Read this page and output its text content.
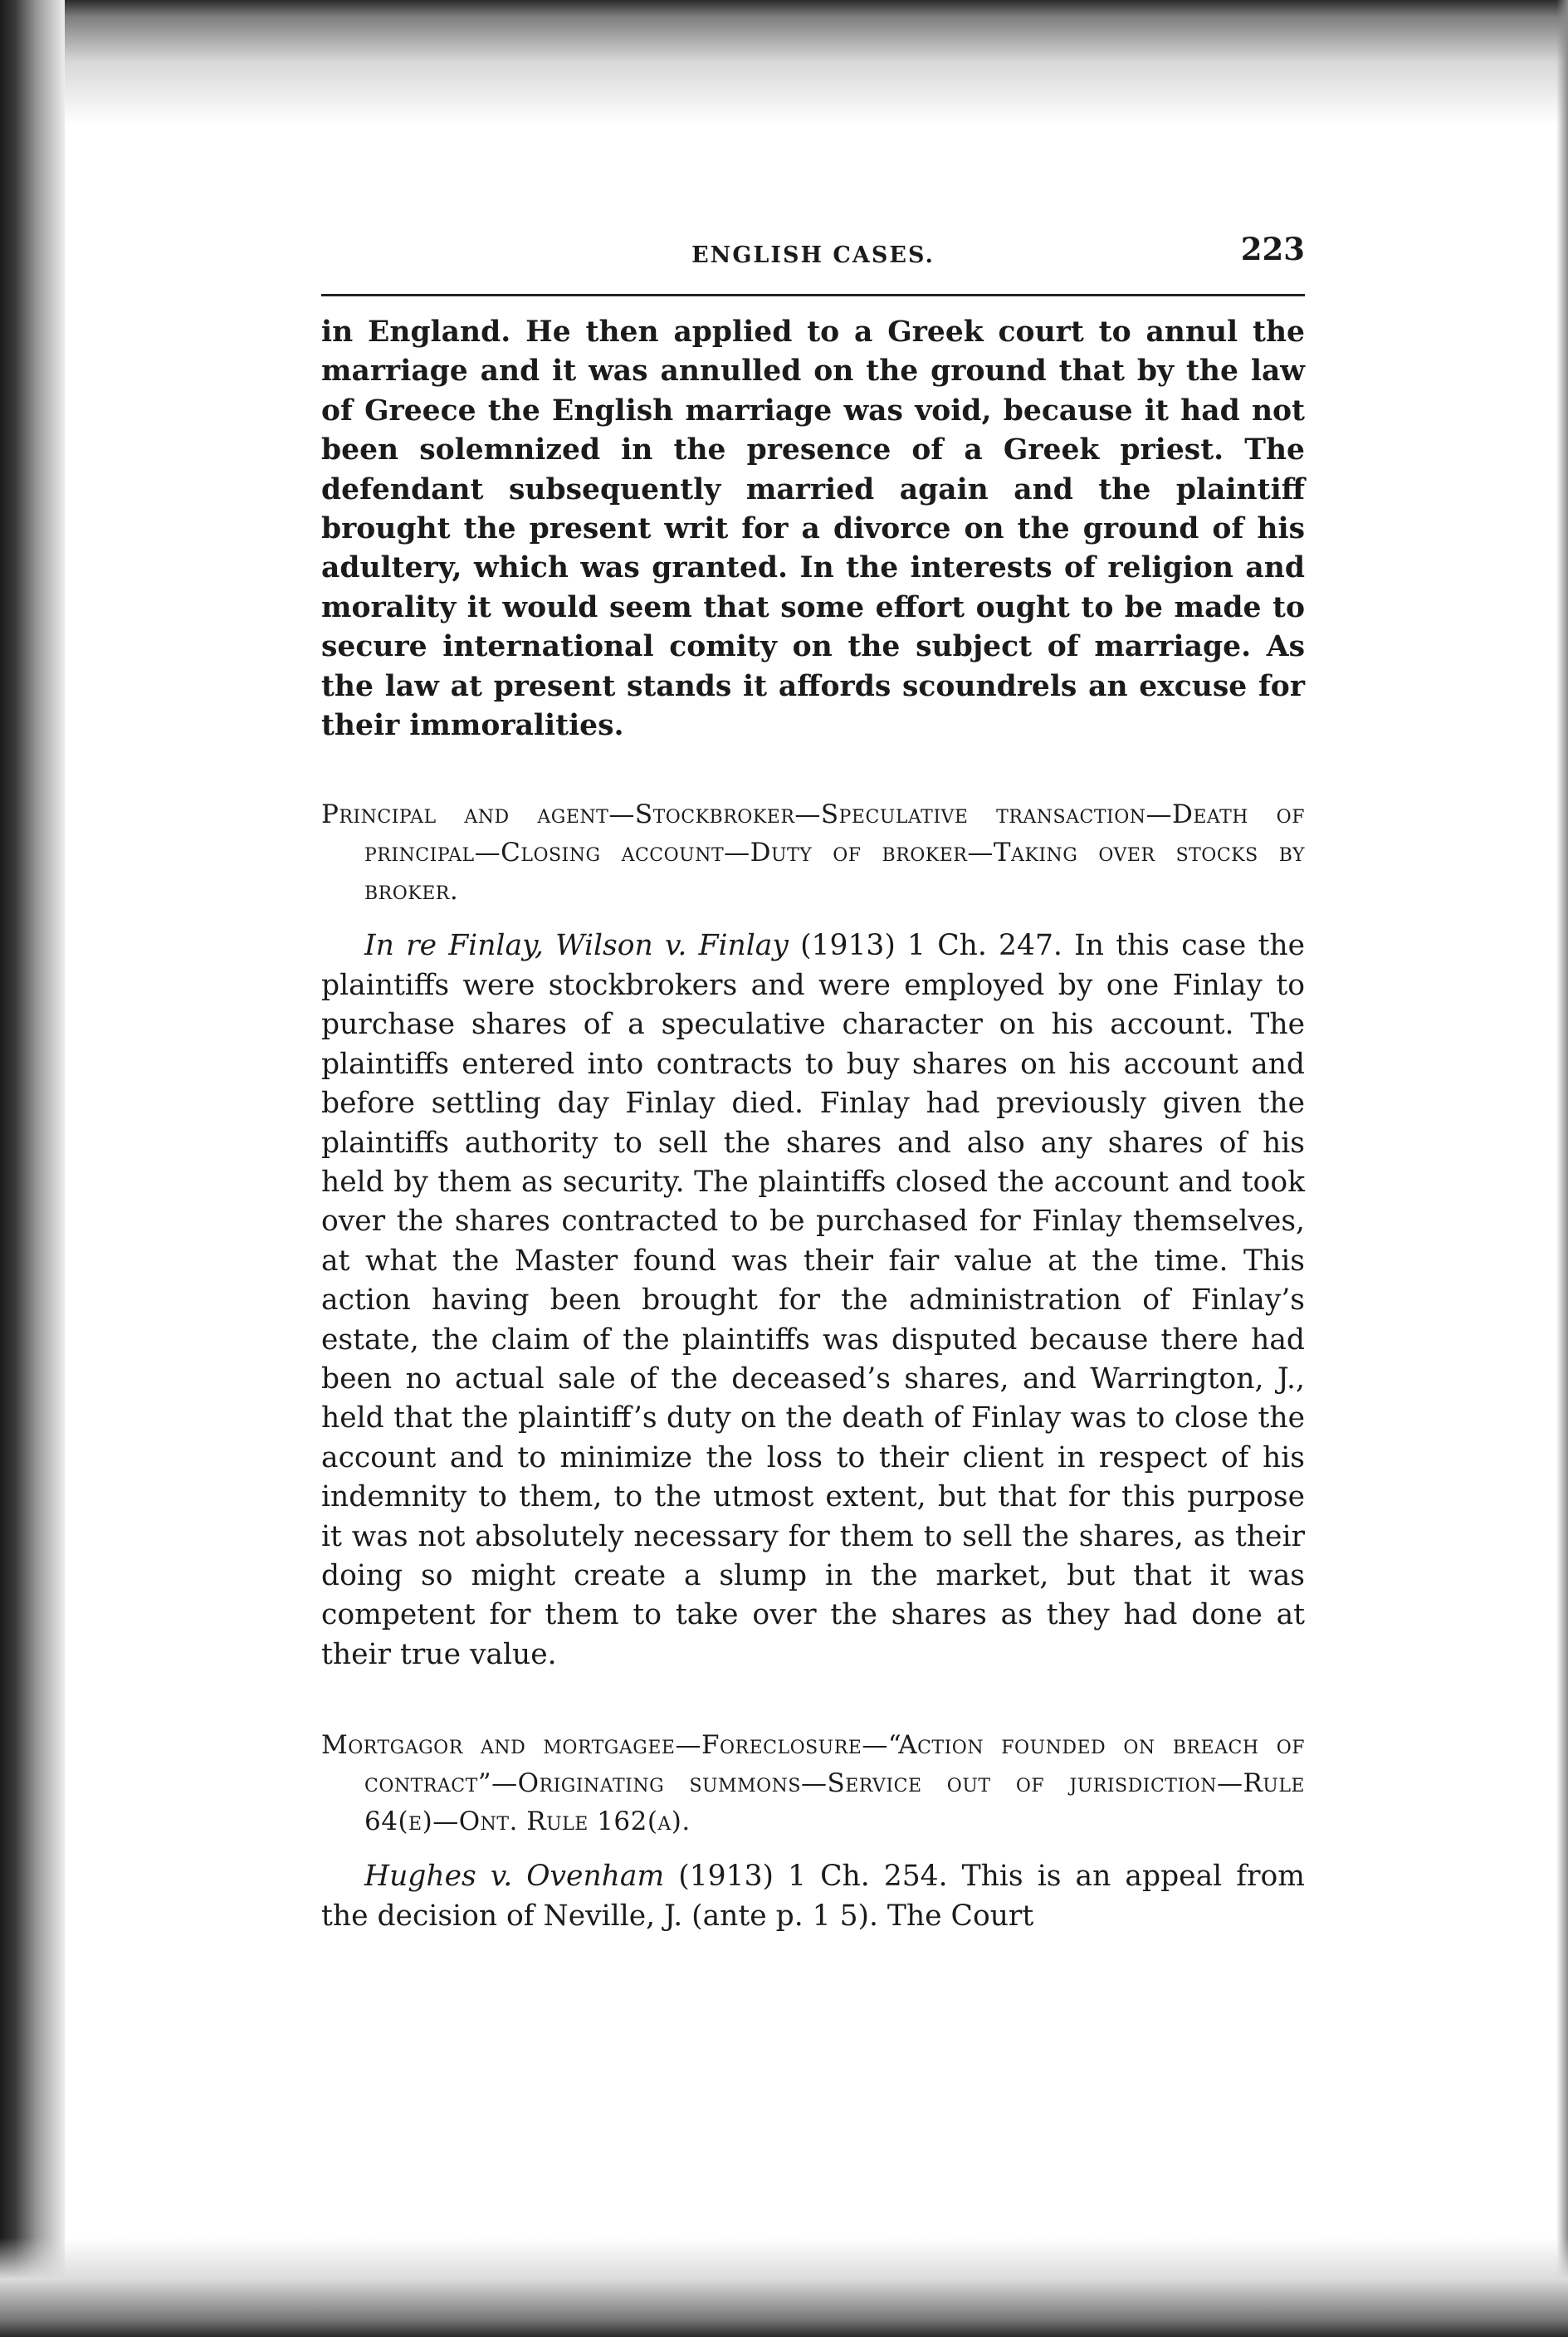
ENGLISH CASES.	223

in England. He then applied to a Greek court to annul the marriage and it was annulled on the ground that by the law of Greece the English marriage was void, because it had not been solemnized in the presence of a Greek priest. The defendant subsequently married again and the plaintiff brought the present writ for a divorce on the ground of his adultery, which was granted. In the interests of religion and morality it would seem that some effort ought to be made to secure international comity on the subject of marriage. As the law at present stands it affords scoundrels an excuse for their immoralities.

Principal and agent—Stockbroker—Speculative transaction—Death of principal—Closing account—Duty of broker—Taking over stocks by broker.

In re Finlay, Wilson v. Finlay (1913) 1 Ch. 247. In this case the plaintiffs were stockbrokers and were employed by one Finlay to purchase shares of a speculative character on his account. The plaintiffs entered into contracts to buy shares on his account and before settling day Finlay died. Finlay had previously given the plaintiffs authority to sell the shares and also any shares of his held by them as security. The plaintiffs closed the account and took over the shares contracted to be purchased for Finlay themselves, at what the Master found was their fair value at the time. This action having been brought for the administration of Finlay’s estate, the claim of the plaintiffs was disputed because there had been no actual sale of the deceased’s shares, and Warrington, J., held that the plaintiff’s duty on the death of Finlay was to close the account and to minimize the loss to their client in respect of his indemnity to them, to the utmost extent, but that for this purpose it was not absolutely necessary for them to sell the shares, as their doing so might create a slump in the market, but that it was competent for them to take over the shares as they had done at their true value.

Mortgagor and mortgagee—Foreclosure—“Action founded on breach of contract”—Originating summons—Service out of jurisdiction—Rule 64(e)—Ont. Rule 162(a).

Hughes v. Ovenham (1913) 1 Ch. 254. This is an appeal from the decision of Neville, J. (ante p. 1 5). The Court
